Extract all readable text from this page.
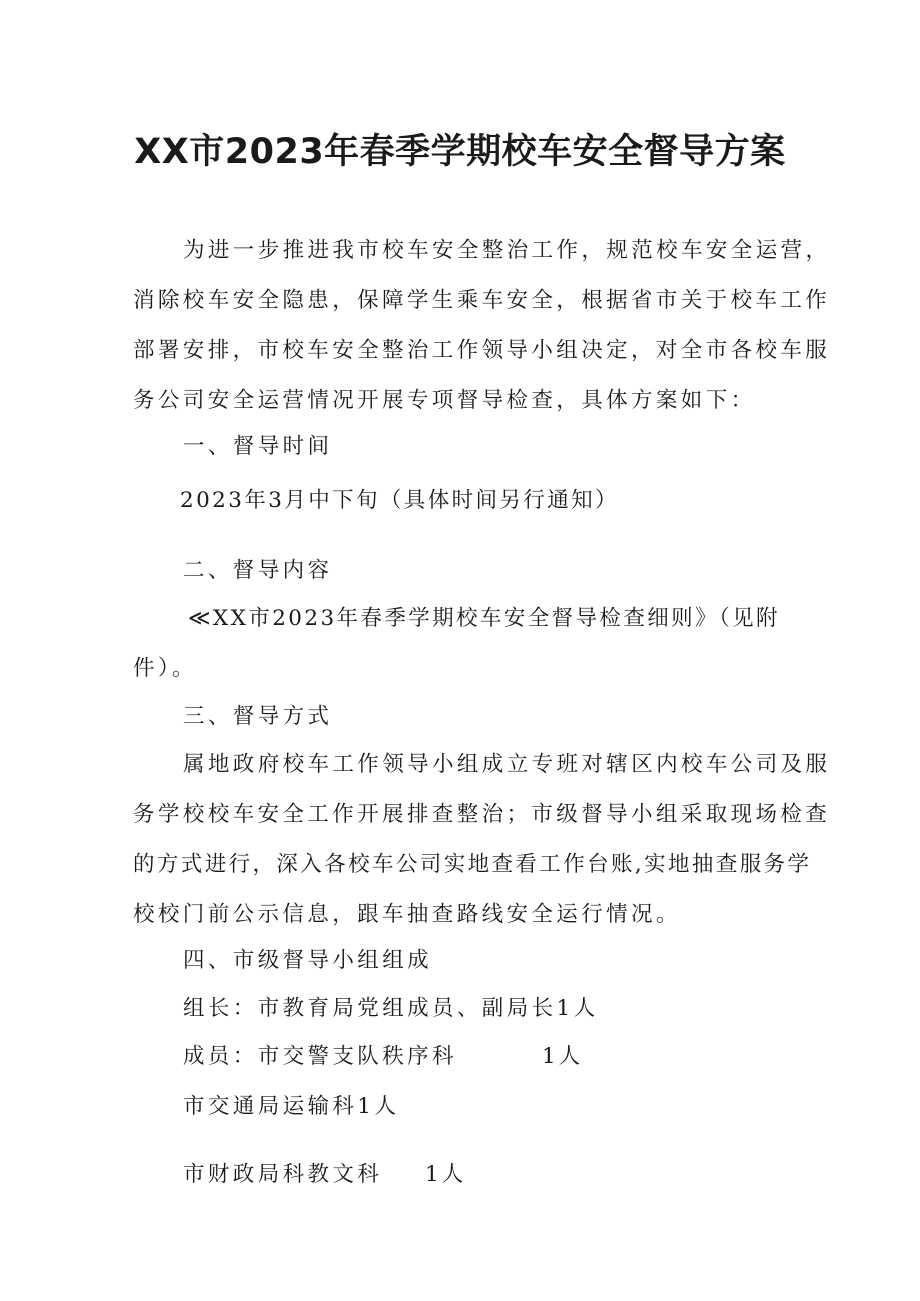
XX市2023年春季学期校车安全督导方案

为进一步推进我市校车安全整治工作，规范校车安全运营，

消除校车安全隐患，保障学生乘车安全，根据省市关于校车工作

部署安排，市校车安全整治工作领导小组决定，对全市各校车服

务公司安全运营情况开展专项督导检查，具体方案如下：

一、督导时间

2023年3月中下旬（具体时间另行通知）

二、督导内容

≪XX市2023年春季学期校车安全督导检查细则》（见附

件）。

三、督导方式

属地政府校车工作领导小组成立专班对辖区内校车公司及服

务学校校车安全工作开展排查整治；市级督导小组采取现场检查

的方式进行，深入各校车公司实地查看工作台账,实地抽查服务学

校校门前公示信息，跟车抽查路线安全运行情况。

四、市级督导小组组成

组长：市教育局党组成员、副局长1人

成员：市交警支队秩序科	1人

市交通局运输科1人

市财政局科教文科 1人
